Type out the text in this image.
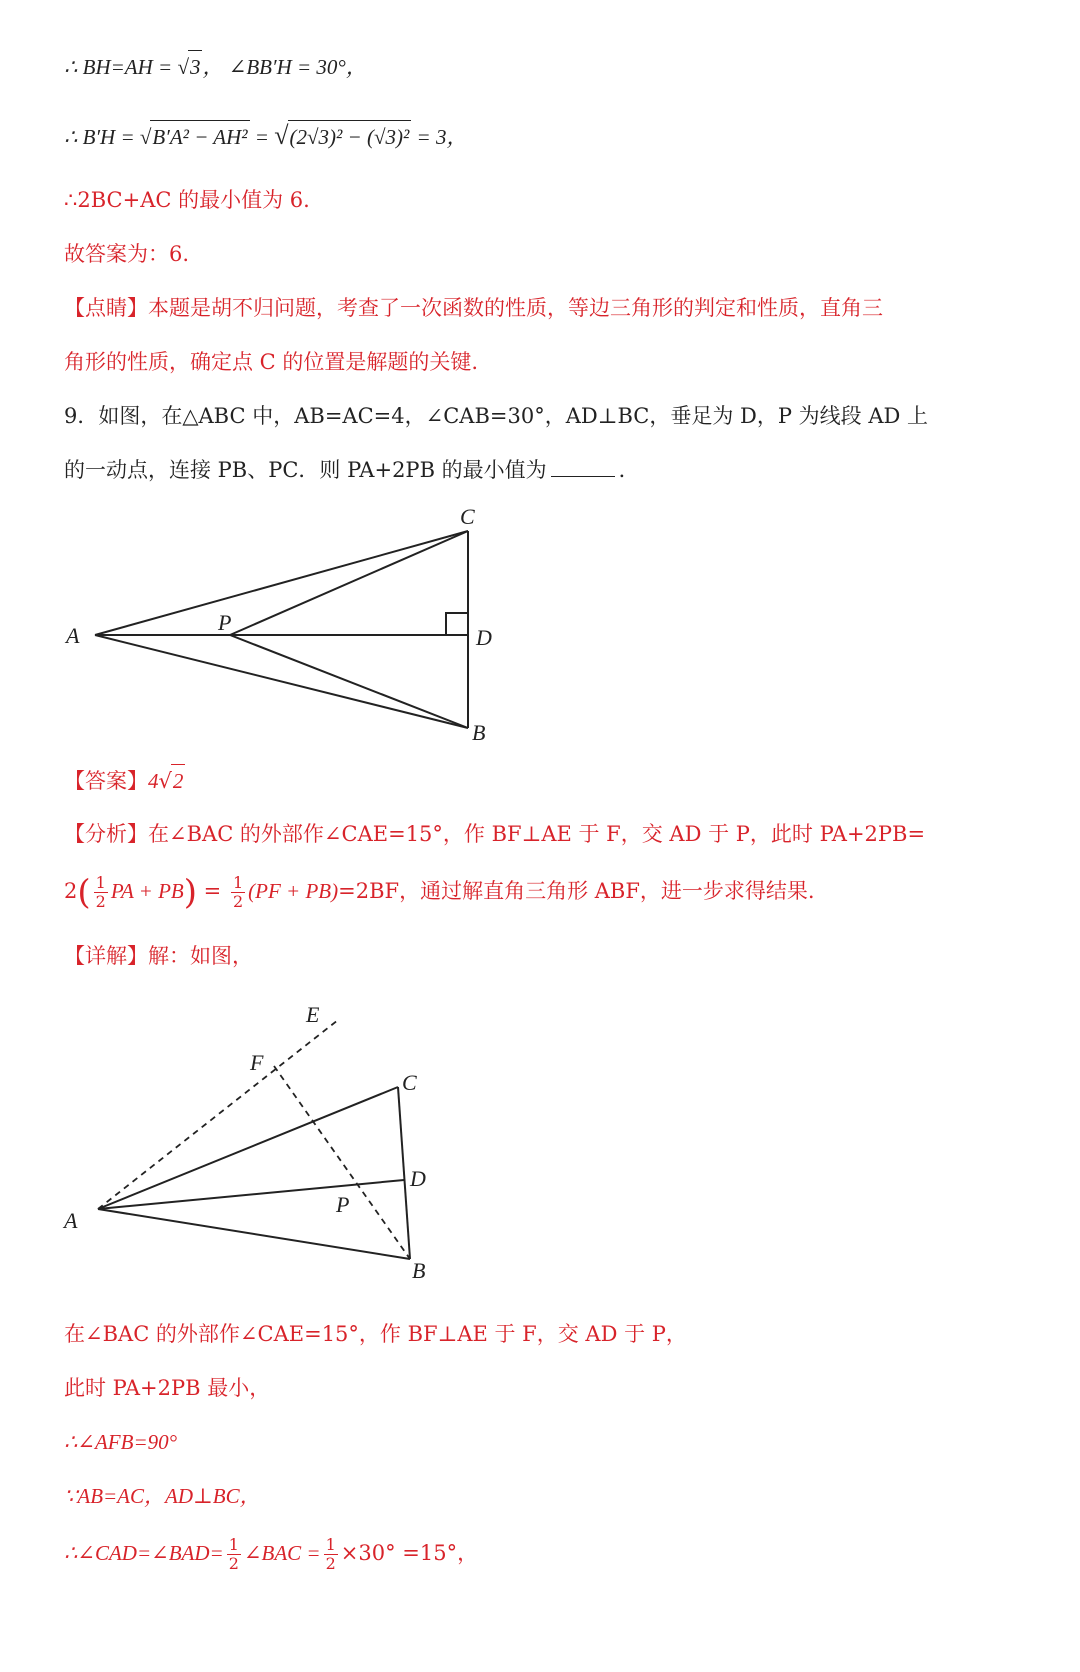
∴ BH=AH = √3， ∠BB′H = 30°，
∴ B′H = √B′A² − AH² = √(2√3)² − (√3)² = 3，
∴2BC+AC 的最小值为 6.
故答案为：6.
【点睛】本题是胡不归问题，考查了一次函数的性质，等边三角形的判定和性质，直角三
角形的性质，确定点 C 的位置是解题的关键.
9．如图，在△ABC 中，AB=AC=4，∠CAB=30°，AD⊥BC，垂足为 D，P 为线段 AD 上
的一动点，连接 PB、PC．则 PA+2PB 的最小值为	．
A
C
D
B
P
【答案】4√2
【分析】在∠BAC 的外部作∠CAE=15°，作 BF⊥AE 于 F，交 AD 于 P，此时 PA+2PB=
$2( \frac{1}{2}$ PA + $PB) = \frac{1}{2} (PF + PB)=2BF$，通过解直角三角形 ABF，进一步求得结果.
【详解】解：如图，
A
E
F
C
D
P
B
在∠BAC 的外部作∠CAE=15°，作 BF⊥AE 于 F，交 AD 于 P，
此时 PA+2PB 最小，
∴∠AFB=90°
∵AB=AC，AD⊥BC，
∴∠CAD=∠BAD= $\frac{1}{2}$ ∠BAC = $\frac{1}{2} \times 30^\circ =15^\circ$，
